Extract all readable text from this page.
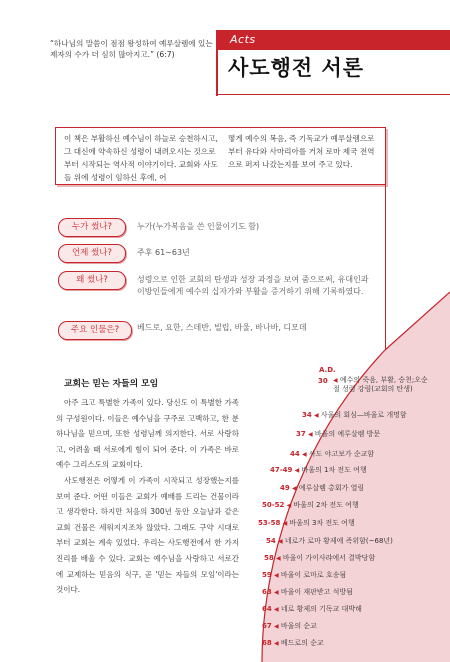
“하나님의 말씀이 점점 왕성하여 예루살렘에 있는 제자의 수가 더 심히 많아지고.” (6:7)
Acts
사도행전 서론
이 책은 부활하신 예수님이 하늘로 승천하시고, 그 대신에 약속하신 성령이 내려오시는 것으로부터 시작되는 역사적 이야기이다. 교회와 사도들 위에 성령이 임하신 후에, 어
떻게 예수의 복음, 즉 기독교가 예루살렘으로부터 유다와 사마리아를 거쳐 로마 제국 전역으로 퍼져 나갔는지를 보여 주고 있다.
누가 썼나?	누가(누가복음을 쓴 인물이기도 함)
언제 썼나?	주후 61~63년
왜 썼나?	성령으로 인한 교회의 탄생과 성장 과정을 보여 줌으로써, 유대인과 이방인들에게 예수의 십자가와 부활을 증거하기 위해 기록하였다.
주요 인물은?	베드로, 요한, 스데반, 빌립, 바울, 바나바, 디모데
교회는 믿는 자들의 모임

아주 크고 특별한 가족이 있다. 당신도 이 특별한 가족의 구성원이다. 이들은 예수님을 구주로 고백하고, 한 분 하나님을 믿으며, 또한 성령님께 의지한다. 서로 사랑하고, 어려울 때 서로에게 힘이 되어 준다. 이 가족은 바로 예수 그리스도의 교회이다.

사도행전은 어떻게 이 가족이 시작되고 성장했는지를 보여 준다. 어떤 이들은 교회가 예배를 드리는 건물이라고 생각한다. 하지만 처음의 300년 동안 오늘날과 같은 교회 건물은 세워지지조차 않았다. 그래도 구약 시대로부터 교회는 계속 있었다. 우리는 사도행전에서 한 가지 진리를 배울 수 있다. 교회는 예수님을 사랑하고 서로간에 교제하는 믿음의 식구, 곧 '믿는 자들의 모임'이라는 것이다.

A.D.
30 ◀ 예수의 죽음, 부활, 승천;오순절 성령 강림(교회의 탄생)
34 ◀ 사울의 회심—바울로 개명함
37 ◀ 바울의 예루살렘 방문
44 ◀ 사도 야고보가 순교함
47-49 ◀ 바울의 1차 전도 여행
49 ◀ 예루살렘 총회가 열림
50-52 ◀ 바울의 2차 전도 여행
53-58 ◀ 바울의 3차 전도 여행
54 ◀ 네로가 로마 황제에 즉위함(~68년)
58 ◀ 바울이 가이사랴에서 결박당함
59 ◀ 바울이 로마로 호송됨
63 ◀ 바울이 재판받고 석방됨
64 ◀ 네로 황제의 기독교 대박해
67 ◀ 바울의 순교
68 ◀ 베드로의 순교
